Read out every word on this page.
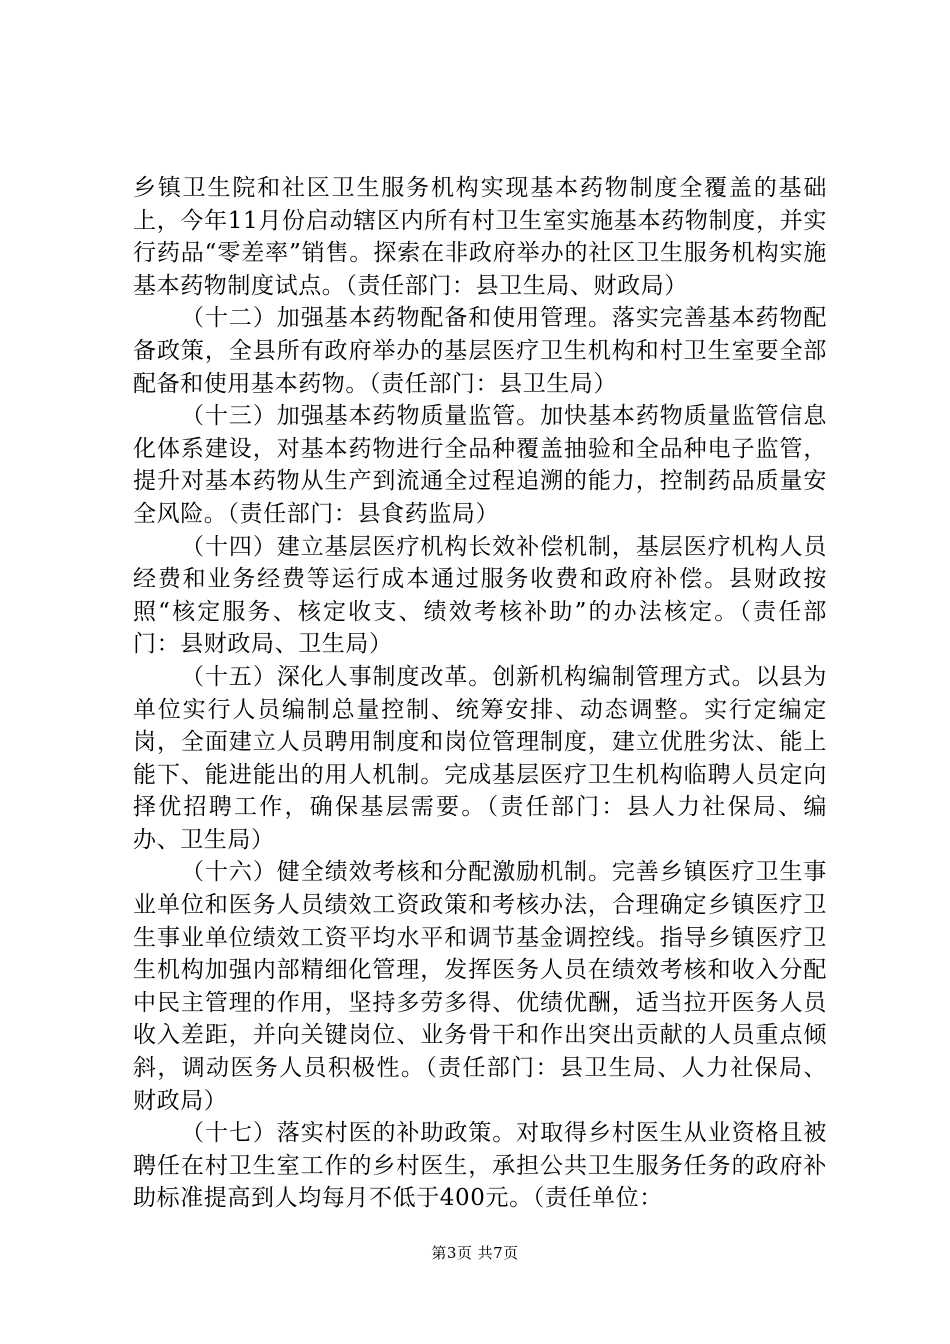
乡镇卫生院和社区卫生服务机构实现基本药物制度全覆盖的基础上，今年11月份启动辖区内所有村卫生室实施基本药物制度，并实行药品“零差率”销售。探索在非政府举办的社区卫生服务机构实施基本药物制度试点。（责任部门：县卫生局、财政局）

（十二）加强基本药物配备和使用管理。落实完善基本药物配备政策，全县所有政府举办的基层医疗卫生机构和村卫生室要全部配备和使用基本药物。（责任部门：县卫生局）

（十三）加强基本药物质量监管。加快基本药物质量监管信息化体系建设，对基本药物进行全品种覆盖抽验和全品种电子监管，提升对基本药物从生产到流通全过程追溯的能力，控制药品质量安全风险。（责任部门：县食药监局）

（十四）建立基层医疗机构长效补偿机制，基层医疗机构人员经费和业务经费等运行成本通过服务收费和政府补偿。县财政按照“核定服务、核定收支、绩效考核补助”的办法核定。（责任部门：县财政局、卫生局）

（十五）深化人事制度改革。创新机构编制管理方式。以县为单位实行人员编制总量控制、统筹安排、动态调整。实行定编定岗，全面建立人员聘用制度和岗位管理制度，建立优胜劣汰、能上能下、能进能出的用人机制。完成基层医疗卫生机构临聘人员定向择优招聘工作，确保基层需要。（责任部门：县人力社保局、编办、卫生局）

（十六）健全绩效考核和分配激励机制。完善乡镇医疗卫生事业单位和医务人员绩效工资政策和考核办法，合理确定乡镇医疗卫生事业单位绩效工资平均水平和调节基金调控线。指导乡镇医疗卫生机构加强内部精细化管理，发挥医务人员在绩效考核和收入分配中民主管理的作用，坚持多劳多得、优绩优酬，适当拉开医务人员收入差距，并向关键岗位、业务骨干和作出突出贡献的人员重点倾斜，调动医务人员积极性。（责任部门：县卫生局、人力社保局、财政局）

（十七）落实村医的补助政策。对取得乡村医生从业资格且被聘任在村卫生室工作的乡村医生，承担公共卫生服务任务的政府补助标准提高到人均每月不低于400元。（责任单位：

第3页 共7页
